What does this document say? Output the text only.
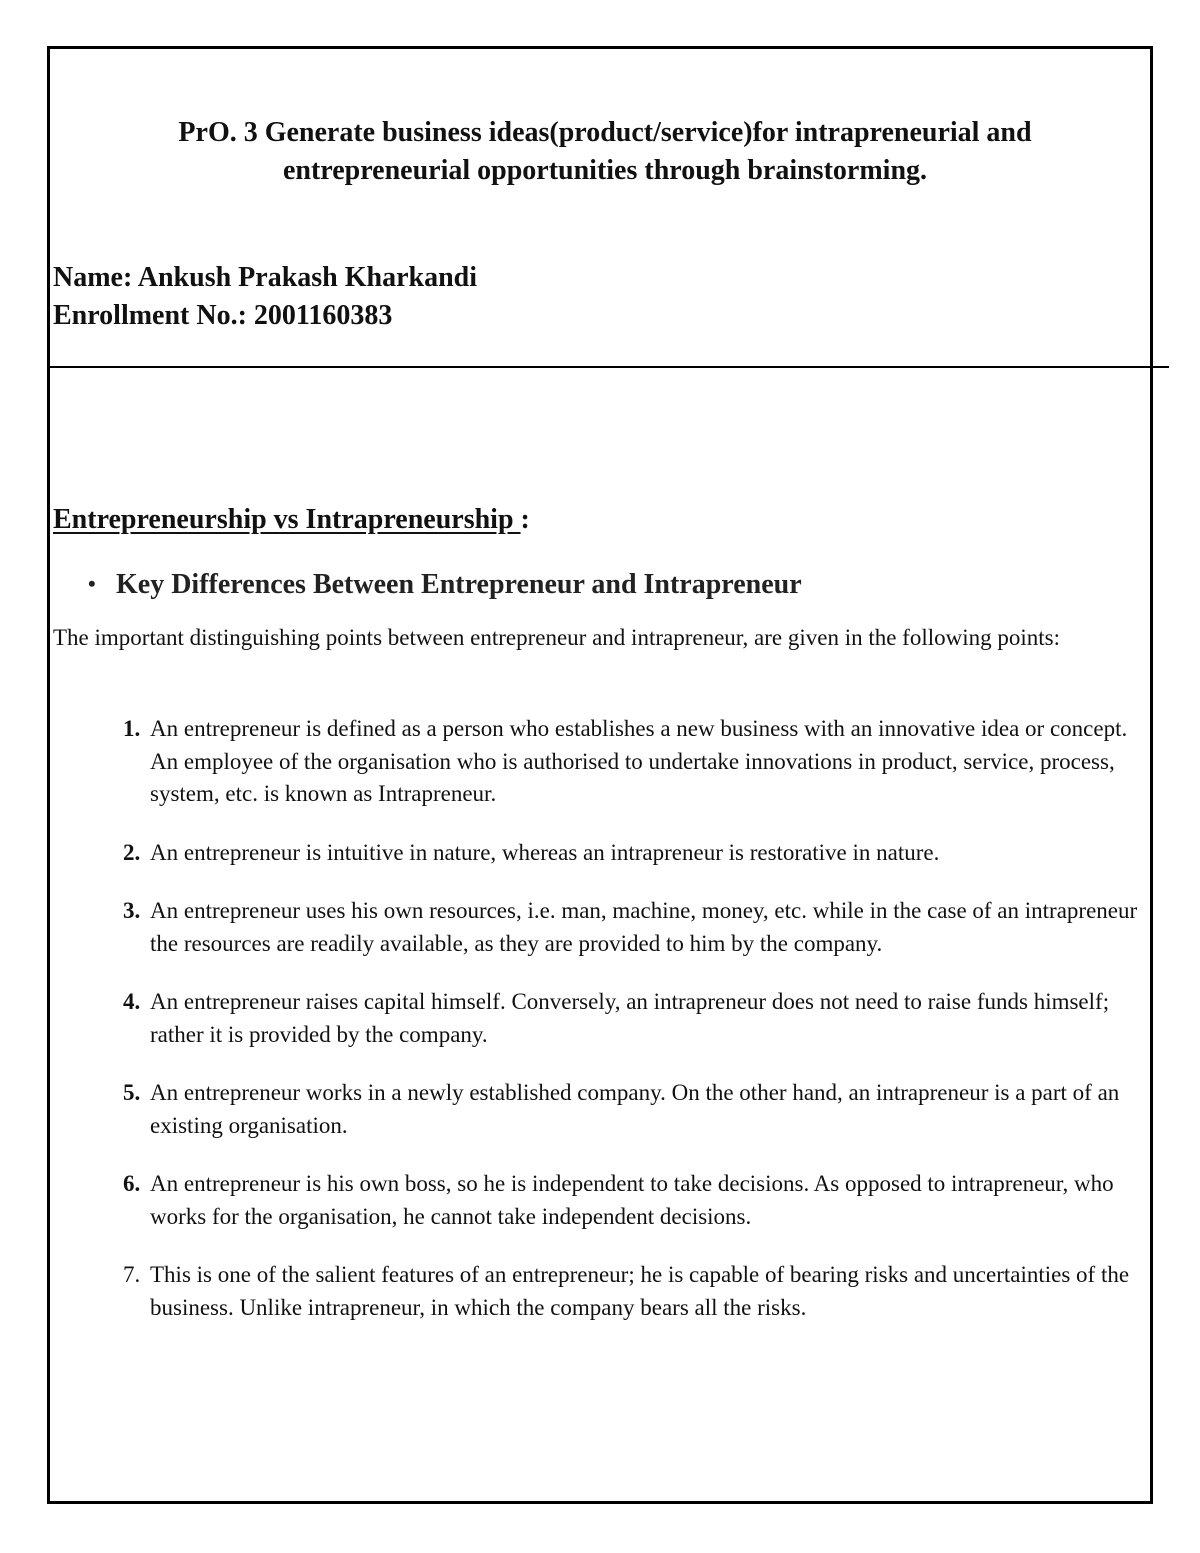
PrO. 3 Generate business ideas(product/service)for intrapreneurial and
entrepreneurial opportunities through brainstorming.
Name: Ankush Prakash Kharkandi
Enrollment No.: 2001160383
Entrepreneurship vs Intrapreneurship :
• Key Differences Between Entrepreneur and Intrapreneur
The important distinguishing points between entrepreneur and intrapreneur, are given in the following points:
1. An entrepreneur is defined as a person who establishes a new business with an innovative idea or concept. An employee of the organisation who is authorised to undertake innovations in product, service, process, system, etc. is known as Intrapreneur.
2. An entrepreneur is intuitive in nature, whereas an intrapreneur is restorative in nature.
3. An entrepreneur uses his own resources, i.e. man, machine, money, etc. while in the case of an intrapreneur the resources are readily available, as they are provided to him by the company.
4. An entrepreneur raises capital himself. Conversely, an intrapreneur does not need to raise funds himself; rather it is provided by the company.
5. An entrepreneur works in a newly established company. On the other hand, an intrapreneur is a part of an existing organisation.
6. An entrepreneur is his own boss, so he is independent to take decisions. As opposed to intrapreneur, who works for the organisation, he cannot take independent decisions.
7. This is one of the salient features of an entrepreneur; he is capable of bearing risks and uncertainties of the business. Unlike intrapreneur, in which the company bears all the risks.
